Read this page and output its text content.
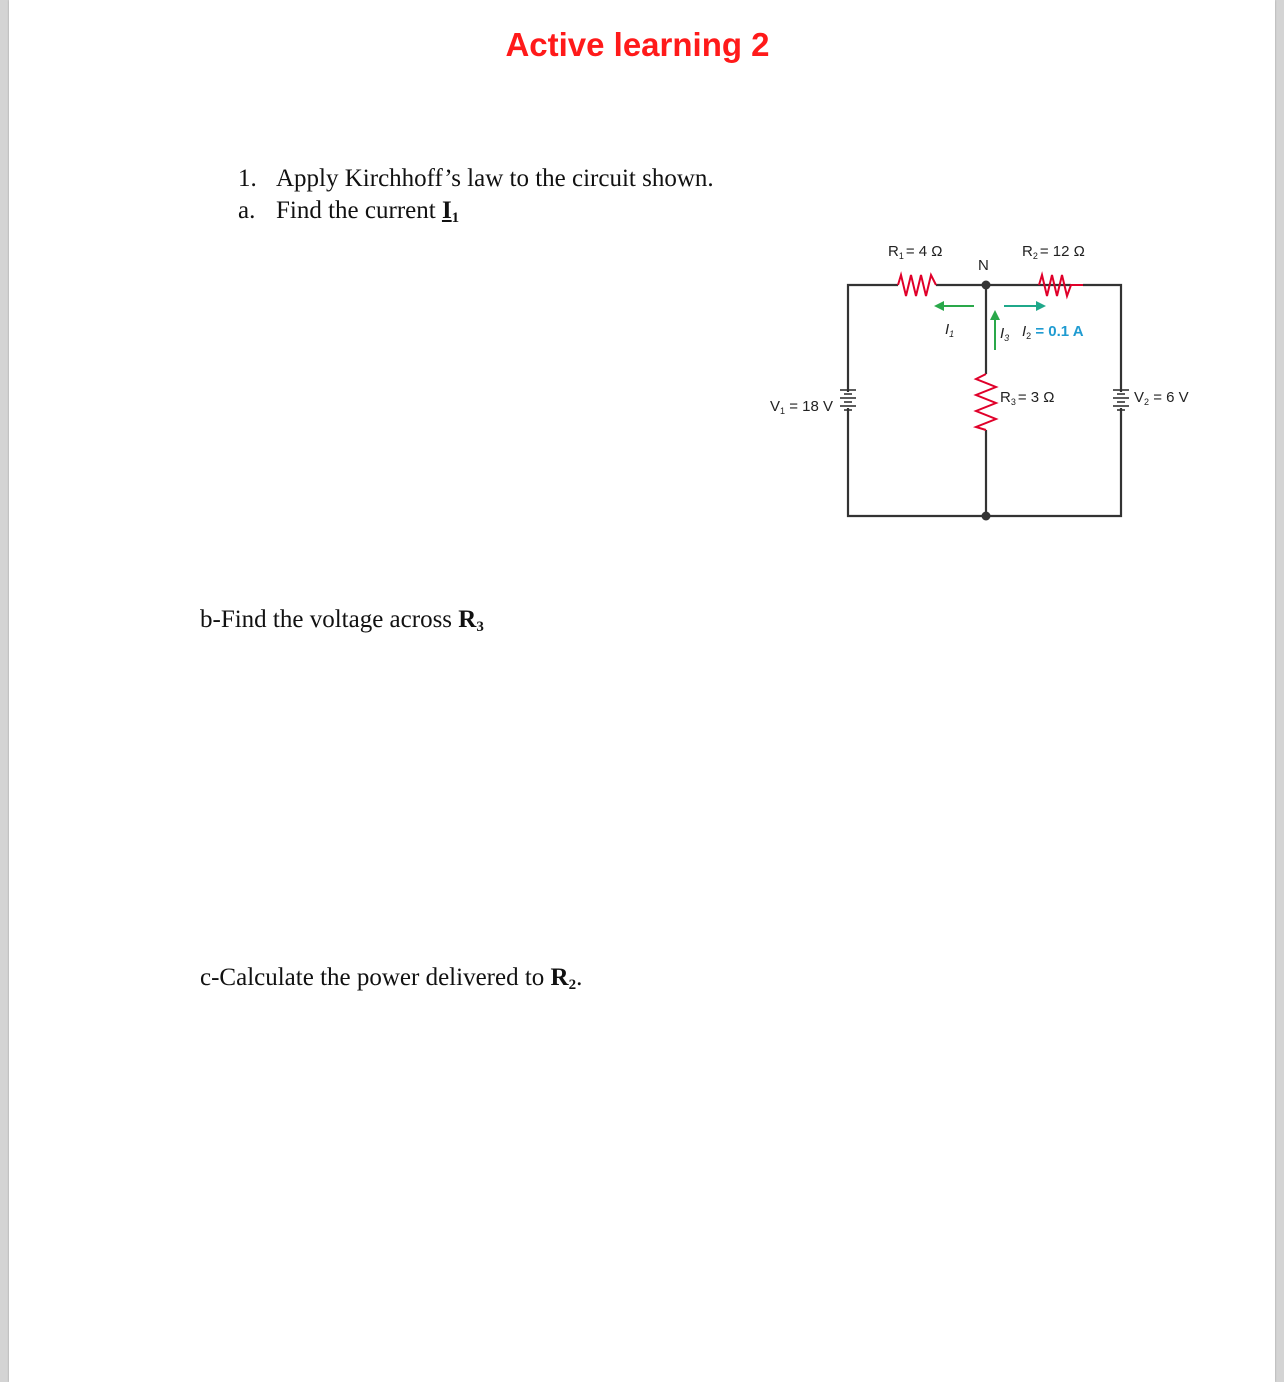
Active learning 2
1. Apply Kirchhoff’s law to the circuit shown.
a. Find the current $I_1$
b-Find the voltage across $R_3$
c-Calculate the power delivered to $R_2$.
$R_1 = 4$ Ω
N
$R_2 = 12$ Ω
$I_1$	$I_3$ $I_2 = 0.1$ A
$R_3 = 3$ Ω
$V_1 = 18$ V
$V_2 = 6$ V
